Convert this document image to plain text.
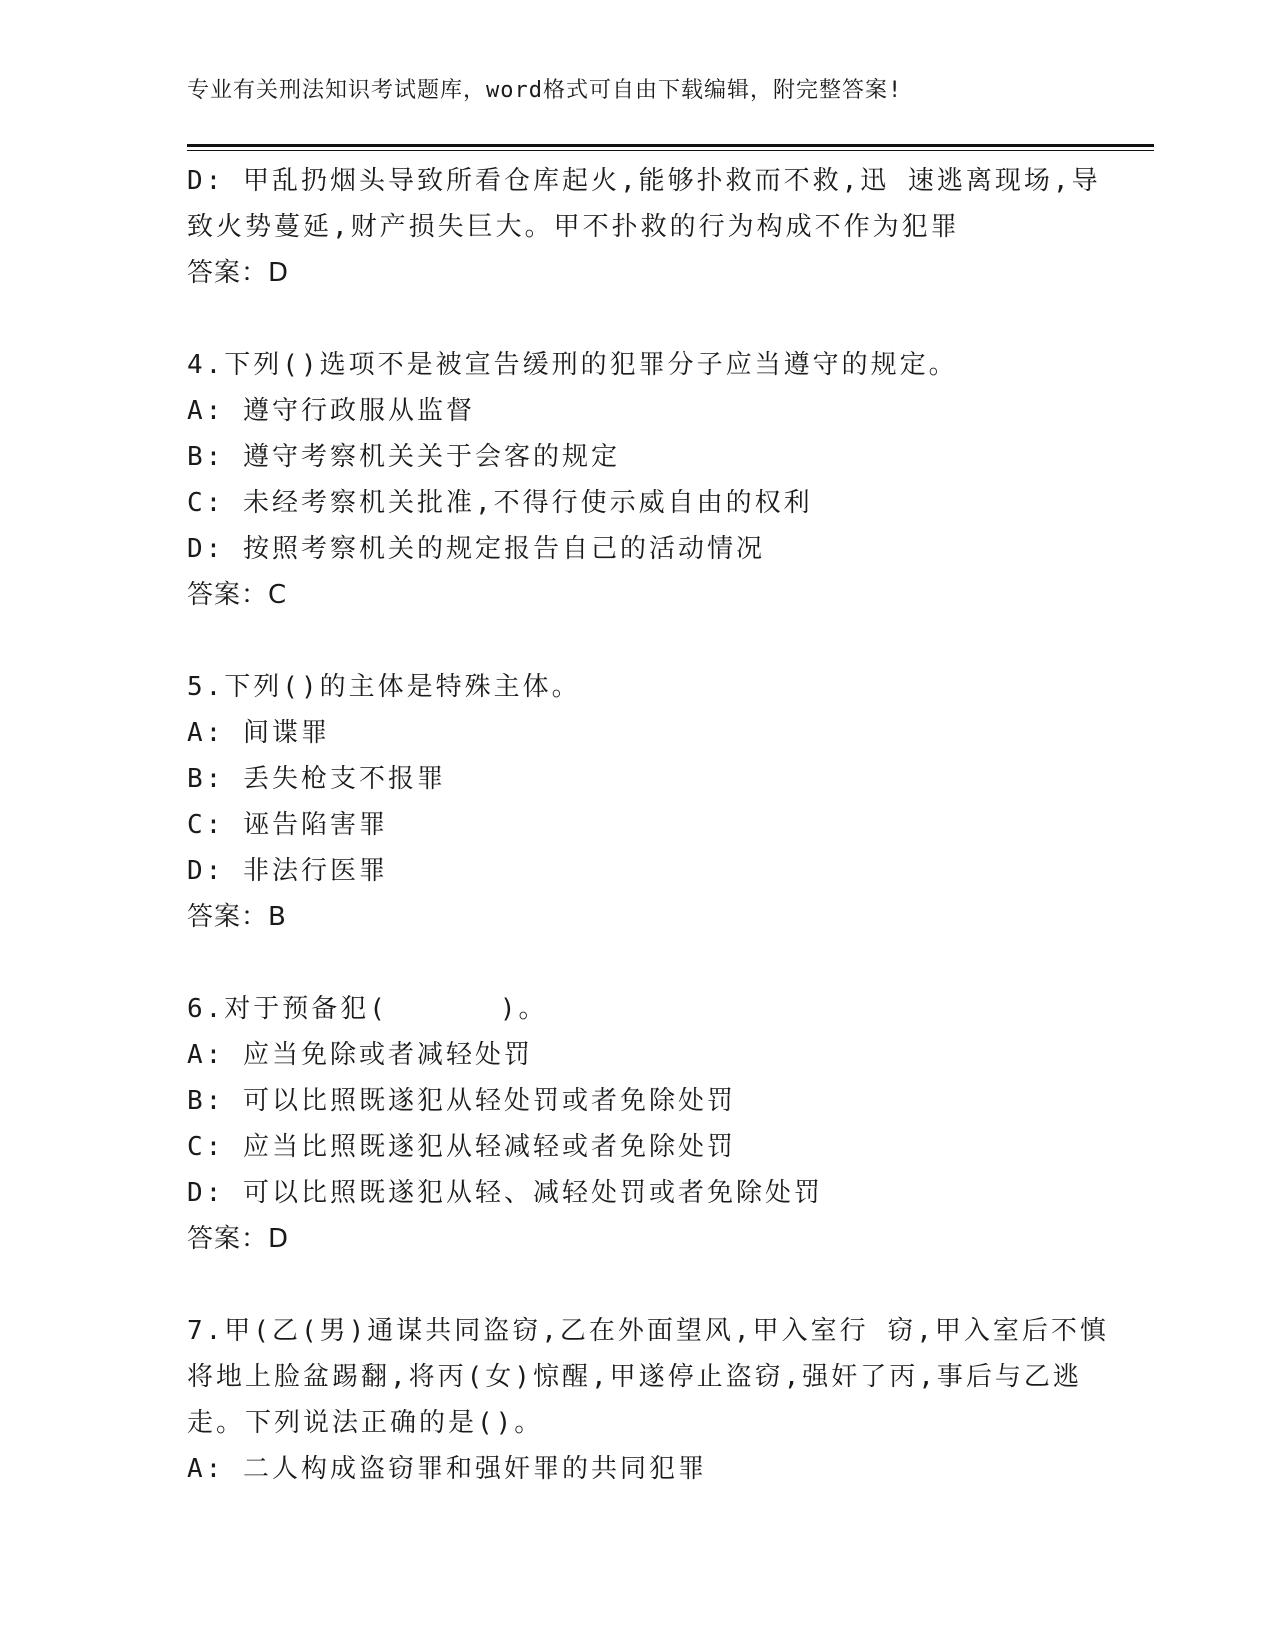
专业有关刑法知识考试题库，word格式可自由下载编辑，附完整答案!
D: 甲乱扔烟头导致所看仓库起火,能够扑救而不救,迅 速逃离现场,导
致火势蔓延,财产损失巨大。甲不扑救的行为构成不作为犯罪
答案：D
4.下列()选项不是被宣告缓刑的犯罪分子应当遵守的规定。
A: 遵守行政服从监督
B: 遵守考察机关关于会客的规定
C: 未经考察机关批准,不得行使示威自由的权利
D: 按照考察机关的规定报告自己的活动情况
答案：C
5.下列()的主体是特殊主体。
A: 间谍罪
B: 丢失枪支不报罪
C: 诬告陷害罪
D: 非法行医罪
答案：B
6.对于预备犯(      )。
A: 应当免除或者减轻处罚
B: 可以比照既遂犯从轻处罚或者免除处罚
C: 应当比照既遂犯从轻减轻或者免除处罚
D: 可以比照既遂犯从轻、减轻处罚或者免除处罚
答案：D
7.甲(乙(男)通谋共同盗窃,乙在外面望风,甲入室行 窃,甲入室后不慎
将地上脸盆踢翻,将丙(女)惊醒,甲遂停止盗窃,强奸了丙,事后与乙逃
走。下列说法正确的是()。
A: 二人构成盗窃罪和强奸罪的共同犯罪
